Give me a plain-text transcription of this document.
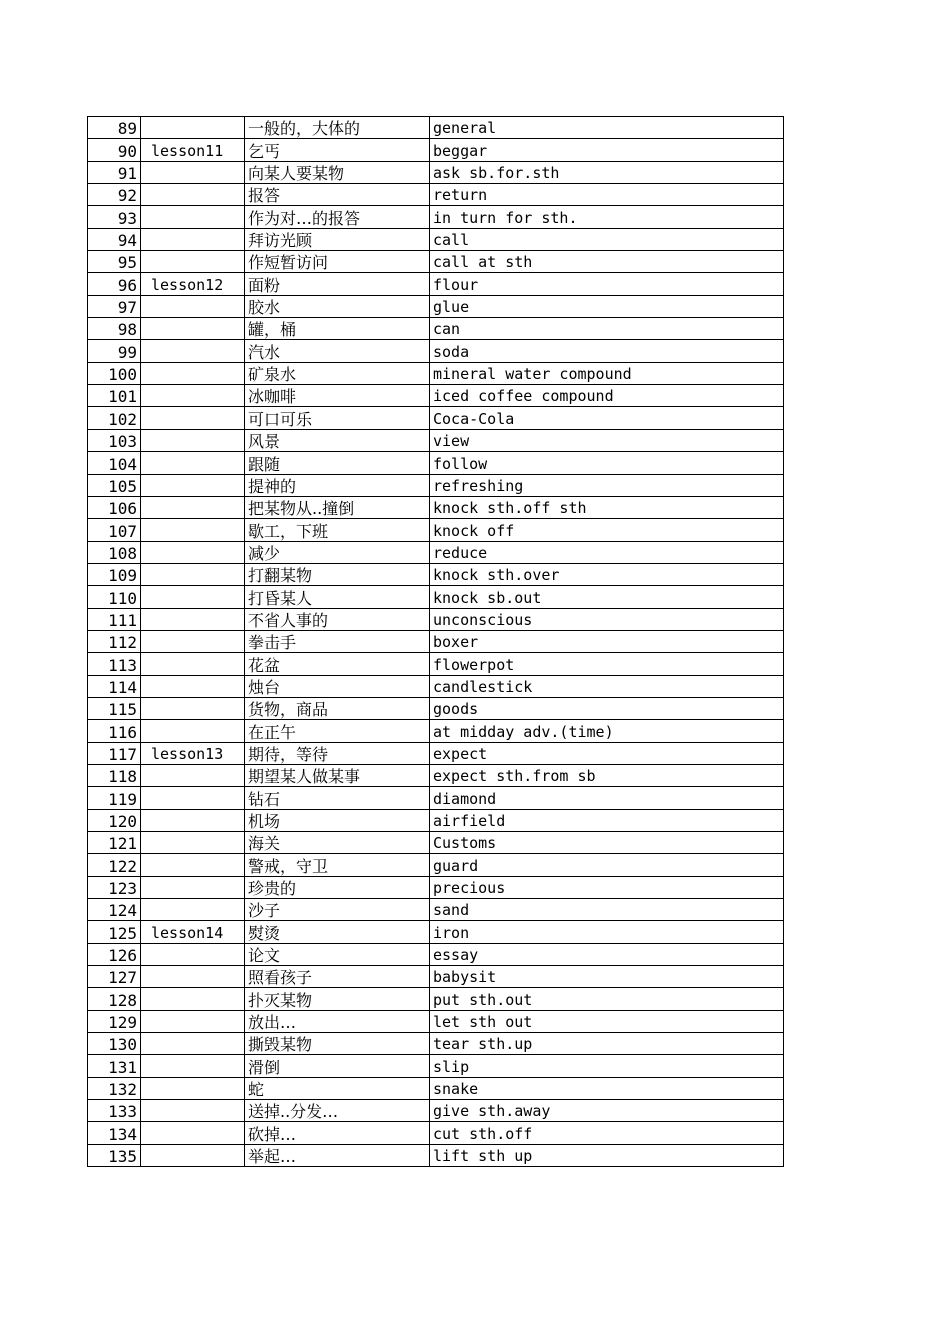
89		一般的，大体的	general
90	lesson11	乞丐	beggar
91		向某人要某物	ask sb.for.sth
92		报答	return
93		作为对…的报答	in turn for sth.
94		拜访光顾	call
95		作短暂访问	call at sth
96	lesson12	面粉	flour
97		胶水	glue
98		罐，桶	can
99		汽水	soda
100		矿泉水	mineral water compound
101		冰咖啡	iced coffee compound
102		可口可乐	Coca-Cola
103		风景	view
104		跟随	follow
105		提神的	refreshing
106		把某物从..撞倒	knock sth.off sth
107		歇工，下班	knock off
108		减少	reduce
109		打翻某物	knock sth.over
110		打昏某人	knock sb.out
111		不省人事的	unconscious
112		拳击手	boxer
113		花盆	flowerpot
114		烛台	candlestick
115		货物，商品	goods
116		在正午	at midday adv.(time)
117	lesson13	期待，等待	expect
118		期望某人做某事	expect sth.from sb
119		钻石	diamond
120		机场	airfield
121		海关	Customs
122		警戒，守卫	guard
123		珍贵的	precious
124		沙子	sand
125	lesson14	熨烫	iron
126		论文	essay
127		照看孩子	babysit
128		扑灭某物	put sth.out
129		放出…	let sth out
130		撕毁某物	tear sth.up
131		滑倒	slip
132		蛇	snake
133		送掉..分发…	give sth.away
134		砍掉…	cut sth.off
135		举起…	lift sth up
